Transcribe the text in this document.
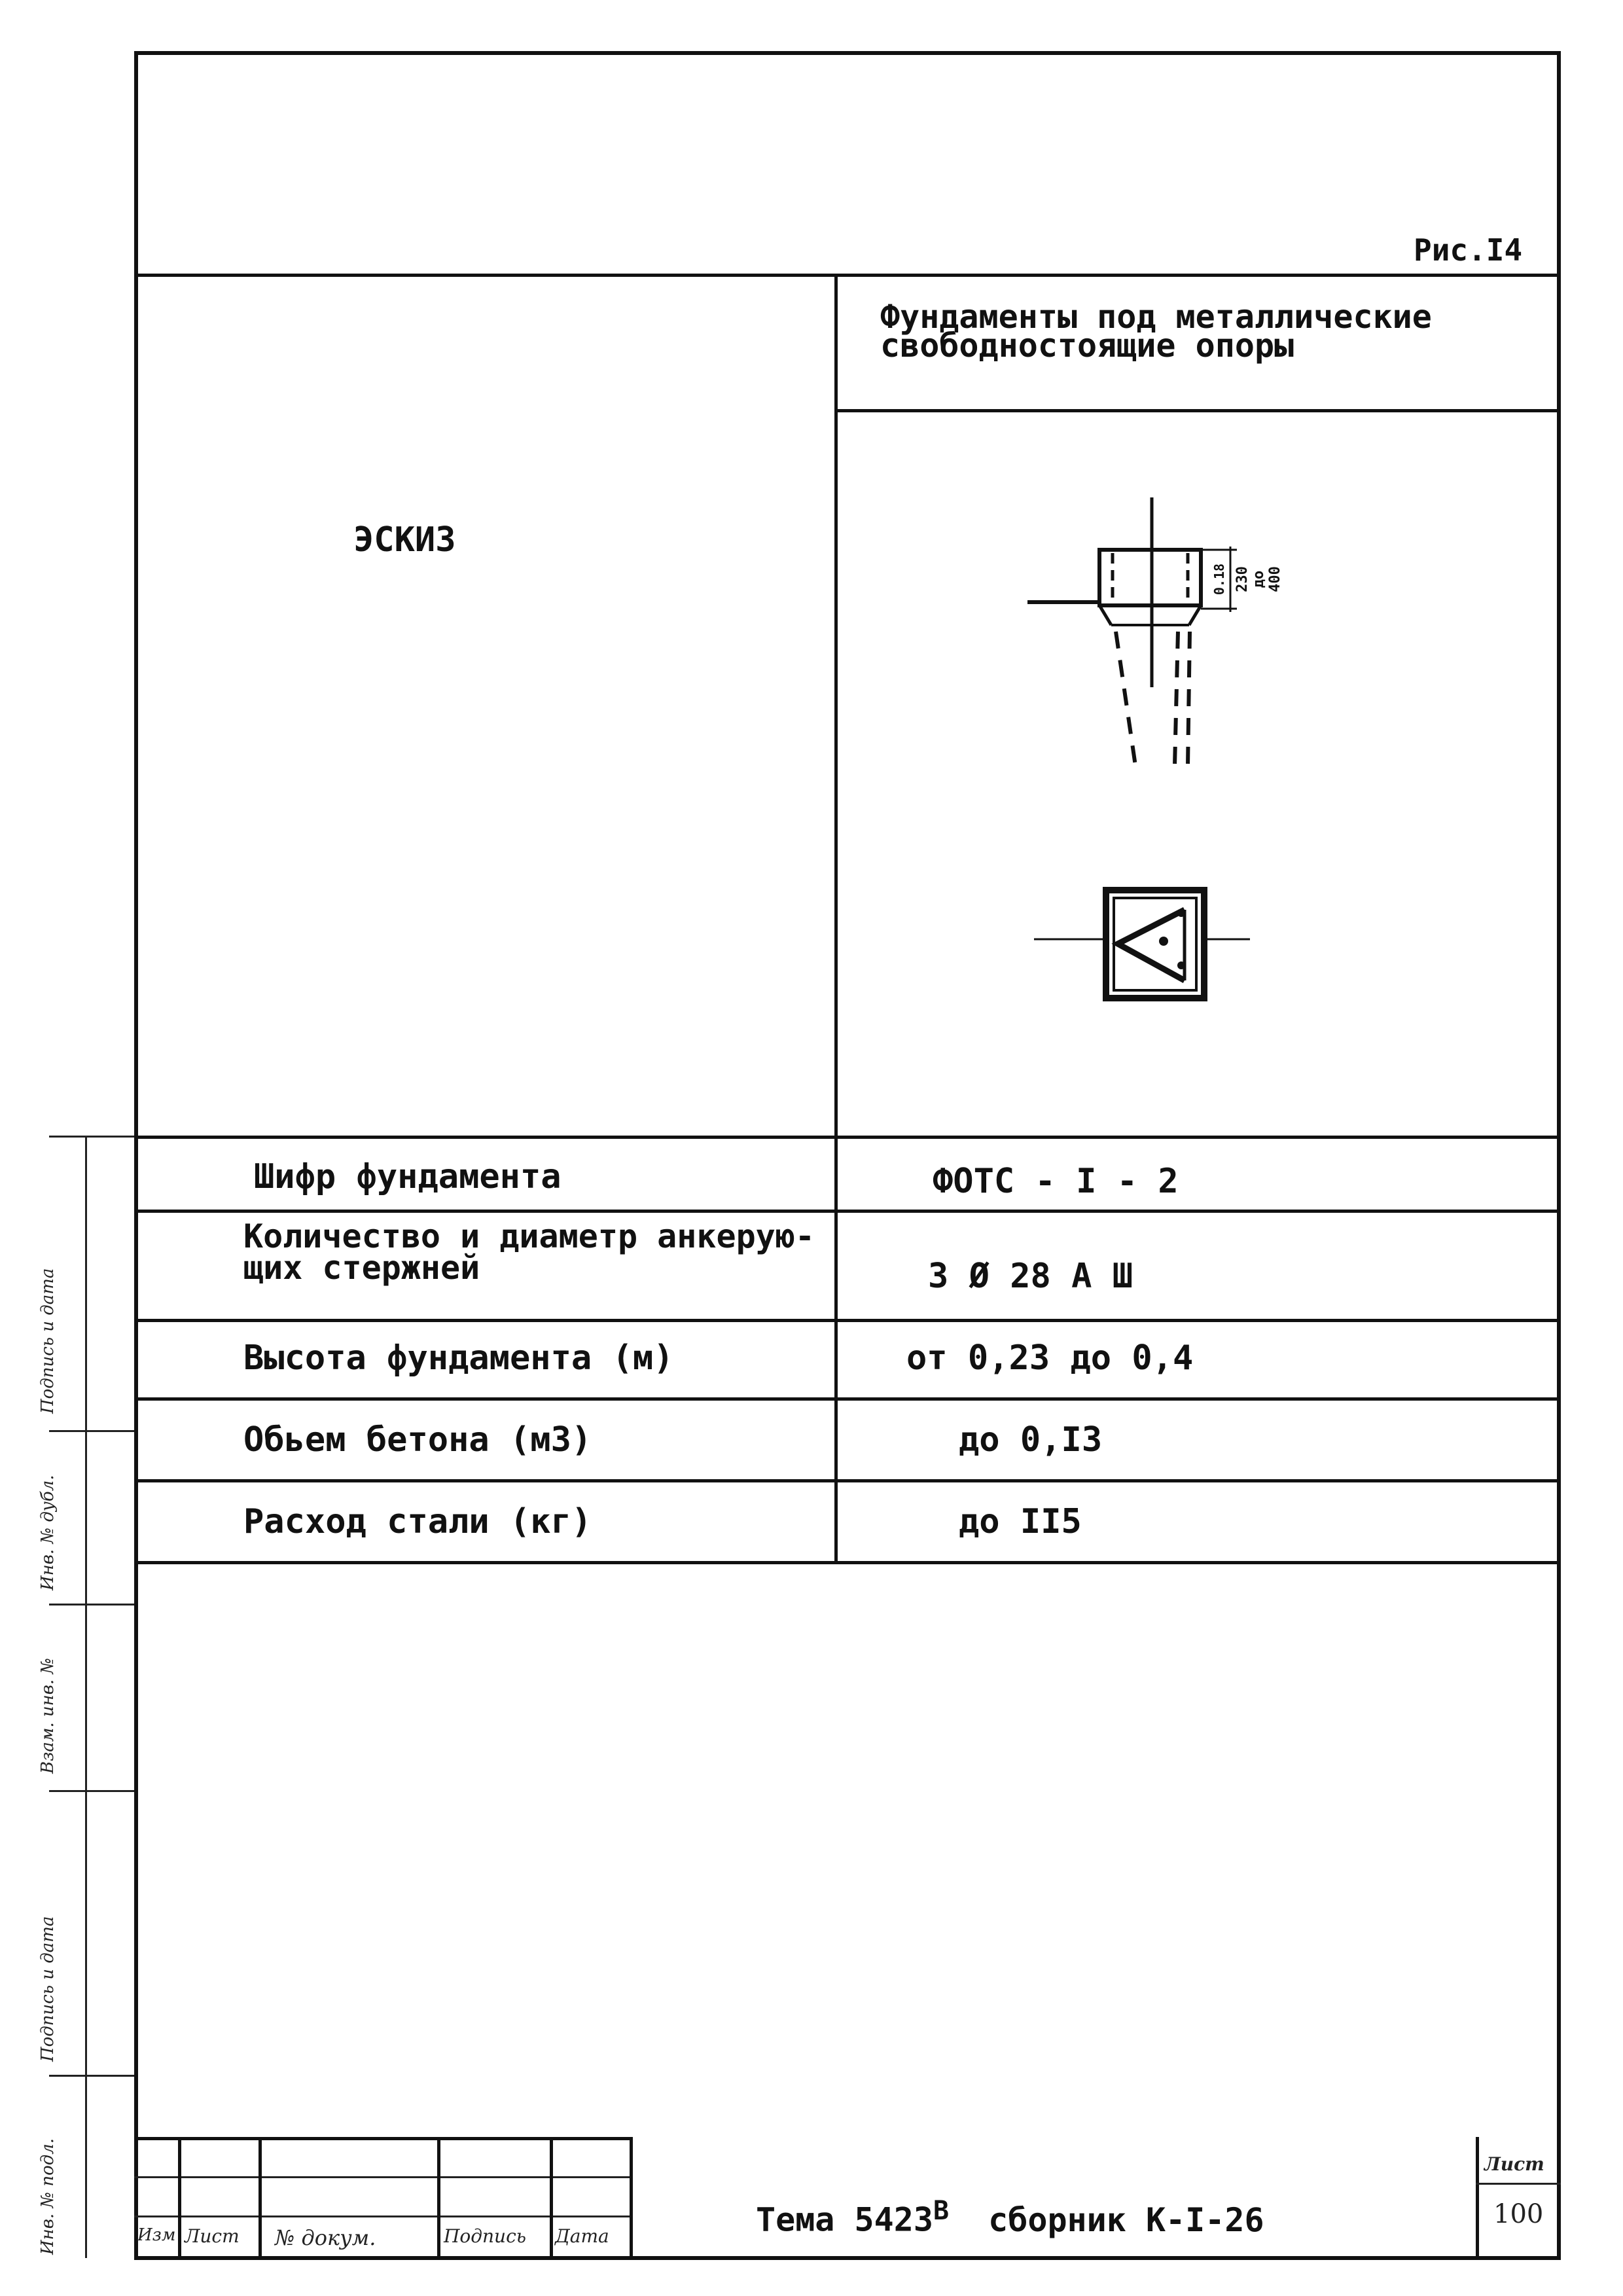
Рис.I4
Фундаменты под металлические
свободностоящие опоры
ЭСКИЗ
0.18 230 до 400
Шифр фундамента	ФОТС - I - 2
Количество и диаметр анкерую-
щих стержней	3 Ø 28 А Ш
Высота фундамента (м)	от 0,23 до 0,4
Обьем бетона (м3)	до 0,I3
Расход стали (кг)	до II5
Изм Лист № докум.	Подпись Дата	Тема $5423^В$ сборник К-I-26
Лист
100
Инв. № подл.
Подпись и дата
Взам. инв. №
Инв. № дубл.
Подпись и дата
